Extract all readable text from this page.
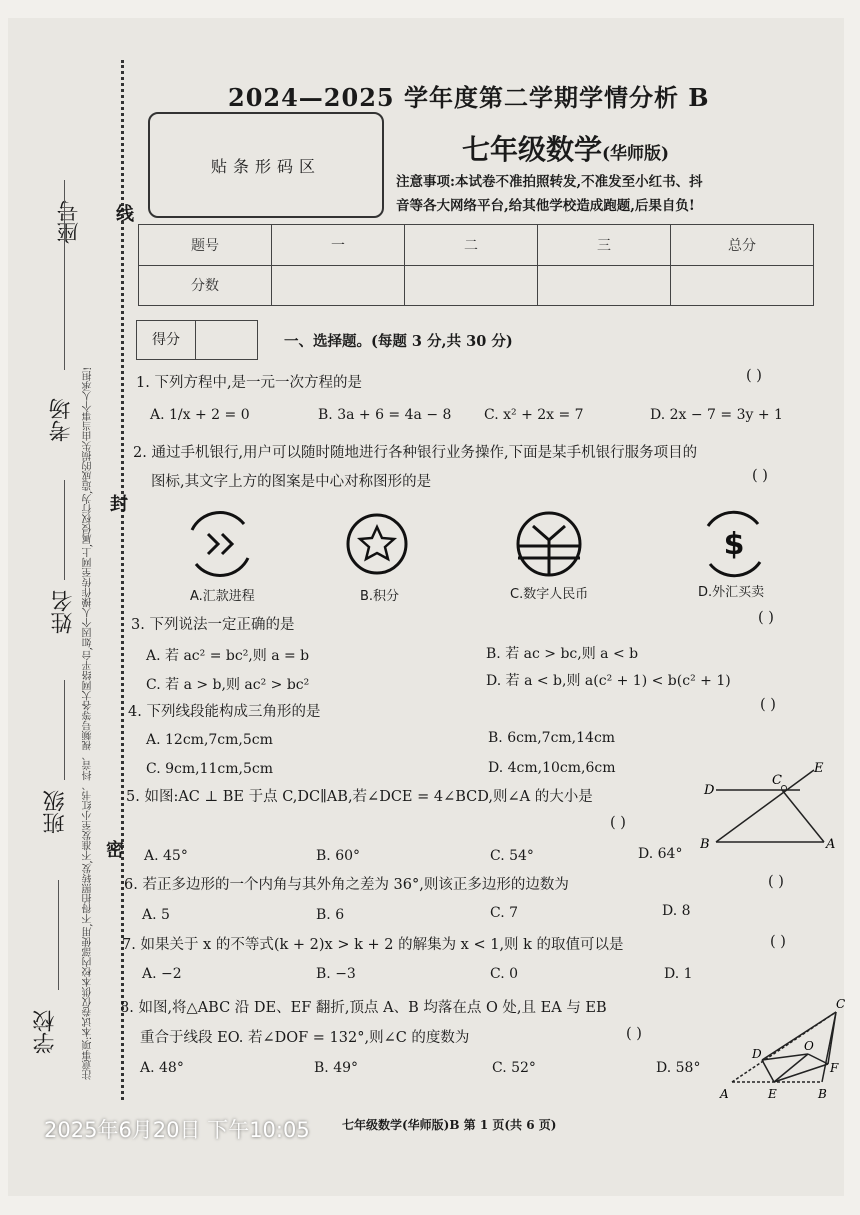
座号
考场
姓名
班级
学校	注意事项:本试卷仅供本校内部使用,不得拍照转发,不准发至小红书、抖音、视频号等各大网络平台,如因个人操作传至网上,属侵权行为,造成的损失由当事个人承担!
线
封
密
2024—2025 学年度第二学期学情分析 B
贴条形码区	七年级数学(华师版)
注意事项:本试卷不准拍照转发,不准发至小红书、抖
音等各大网络平台,给其他学校造成跑题,后果自负!
题号	一	二	三	总分
分数				
得分	一、选择题。(每题 3 分,共 30 分)
1. 下列方程中,是一元一次方程的是	( )
A. 1/x + 2 = 0	B. 3a + 6 = 4a − 8 C. x² + 2x = 7	D. 2x − 7 = 3y + 1
2. 通过手机银行,用户可以随时随地进行各种银行业务操作,下面是某手机银行服务项目的
图标,其文字上方的图案是中心对称图形的是	( )
$
A.汇款进程	B.积分	C.数字人民币	D.外汇买卖
3. 下列说法一定正确的是	( )
A. 若 ac² = bc²,则 a = b	B. 若 ac > bc,则 a < b
C. 若 a > b,则 ac² > bc²	D. 若 a < b,则 a(c² + 1) < b(c² + 1)
4. 下列线段能构成三角形的是	( )
A. 12cm,7cm,5cm	B. 6cm,7cm,14cm
C. 9cm,11cm,5cm	D. 4cm,10cm,6cm
5. 如图:AC ⊥ BE 于点 C,DC∥AB,若∠DCE = 4∠BCD,则∠A 的大小是
( )
A. 45°	B. 60°	C. 54°	D. 64°
D
C
E
B	A
6. 若正多边形的一个内角与其外角之差为 36°,则该正多边形的边数为	( )
A. 5	B. 6	C. 7	D. 8
7. 如果关于 x 的不等式(k + 2)x > k + 2 的解集为 x < 1,则 k 的取值可以是	( )
A. −2	B. −3	C. 0	D. 1
8. 如图,将△ABC 沿 DE、EF 翻折,顶点 A、B 均落在点 O 处,且 EA 与 EB
重合于线段 EO. 若∠DOF = 132°,则∠C 的度数为	( )
A. 48°	B. 49°	C. 52°	D. 58°
C
D
O
F
A	E	B
七年级数学(华师版)B 第 1 页(共 6 页)
2025年6月20日 下午10:05
